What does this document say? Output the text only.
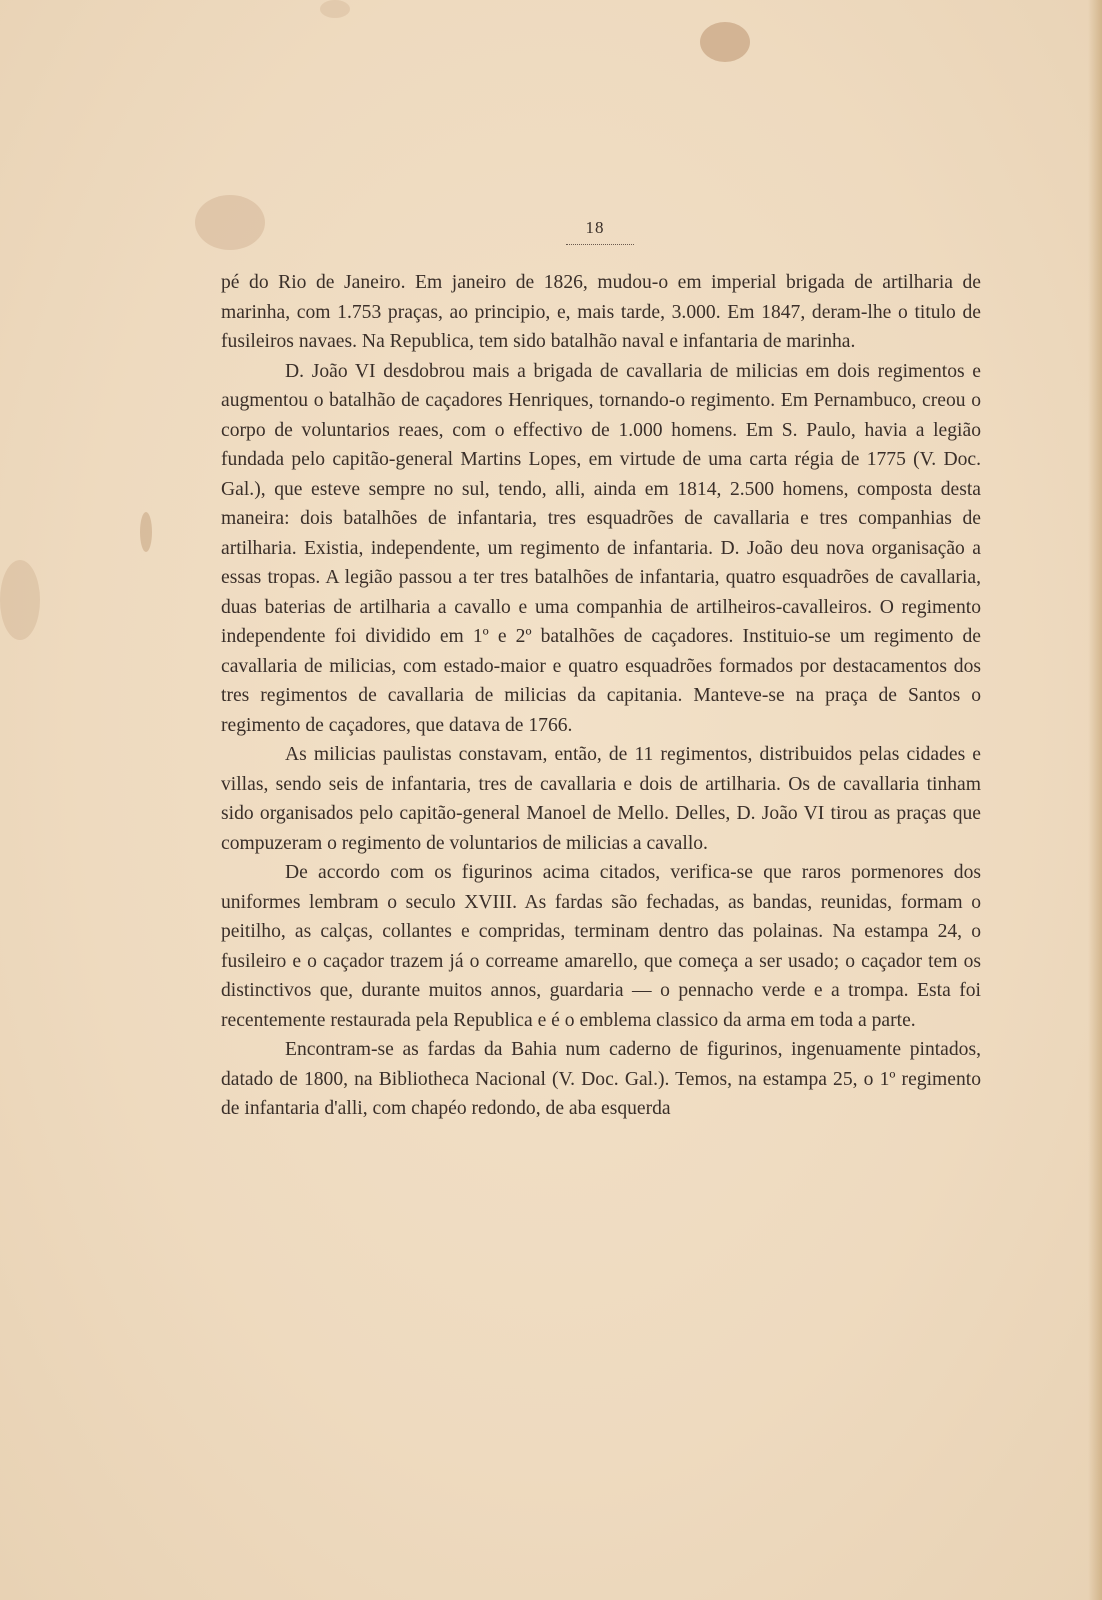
18

pé do Rio de Janeiro. Em janeiro de 1826, mudou-o em imperial brigada de artilharia de marinha, com 1.753 praças, ao principio, e, mais tarde, 3.000. Em 1847, deram-lhe o titulo de fusileiros navaes. Na Republica, tem sido batalhão naval e infantaria de marinha.

D. João VI desdobrou mais a brigada de cavallaria de milicias em dois regimentos e augmentou o batalhão de caçadores Henriques, tornando-o regimento. Em Pernambuco, creou o corpo de voluntarios reaes, com o effectivo de 1.000 homens. Em S. Paulo, havia a legião fundada pelo capitão-general Martins Lopes, em virtude de uma carta régia de 1775 (V. Doc. Gal.), que esteve sempre no sul, tendo, alli, ainda em 1814, 2.500 homens, composta desta maneira: dois batalhões de infantaria, tres esquadrões de cavallaria e tres companhias de artilharia. Existia, independente, um regimento de infantaria. D. João deu nova organisação a essas tropas. A legião passou a ter tres batalhões de infantaria, quatro esquadrões de cavallaria, duas baterias de artilharia a cavallo e uma companhia de artilheiros-cavalleiros. O regimento independente foi dividido em 1º e 2º batalhões de caçadores. Instituio-se um regimento de cavallaria de milicias, com estado-maior e quatro esquadrões formados por destacamentos dos tres regimentos de cavallaria de milicias da capitania. Manteve-se na praça de Santos o regimento de caçadores, que datava de 1766.

As milicias paulistas constavam, então, de 11 regimentos, distribuidos pelas cidades e villas, sendo seis de infantaria, tres de cavallaria e dois de artilharia. Os de cavallaria tinham sido organisados pelo capitão-general Manoel de Mello. Delles, D. João VI tirou as praças que compuzeram o regimento de voluntarios de milicias a cavallo.

De accordo com os figurinos acima citados, verifica-se que raros pormenores dos uniformes lembram o seculo XVIII. As fardas são fechadas, as bandas, reunidas, formam o peitilho, as calças, collantes e compridas, terminam dentro das polainas. Na estampa 24, o fusileiro e o caçador trazem já o correame amarello, que começa a ser usado; o caçador tem os distinctivos que, durante muitos annos, guardaria — o pennacho verde e a trompa. Esta foi recentemente restaurada pela Republica e é o emblema classico da arma em toda a parte.

Encontram-se as fardas da Bahia num caderno de figurinos, ingenuamente pintados, datado de 1800, na Bibliotheca Nacional (V. Doc. Gal.). Temos, na estampa 25, o 1º regimento de infantaria d'alli, com chapéo redondo, de aba esquerda
